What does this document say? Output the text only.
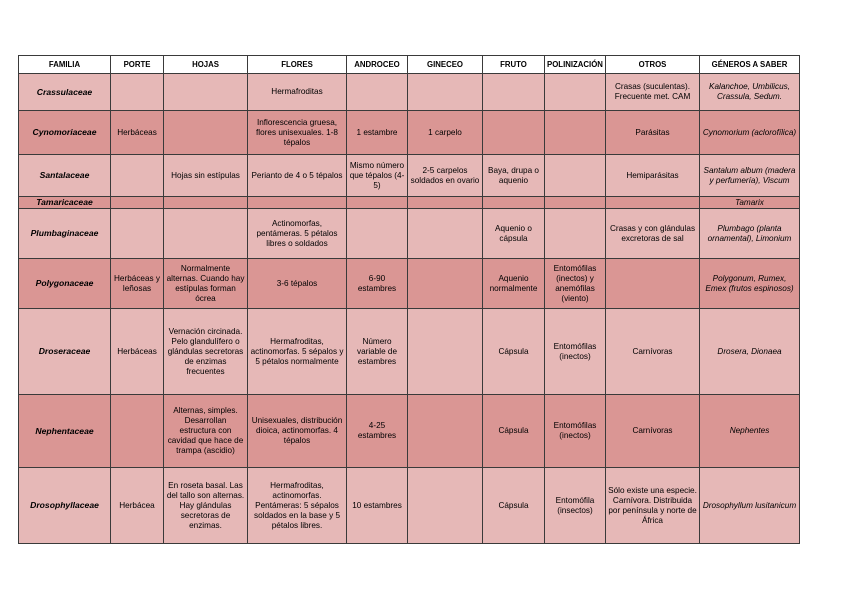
FAMILIA	PORTE	HOJAS	FLORES	ANDROCEO	GINECEO	FRUTO	POLINIZACIÓN	OTROS	GÉNEROS A SABER
Crassulaceae			Hermafroditas					Crasas (suculentas). Frecuente met. CAM	Kalanchoe, Umbilicus, Crassula, Sedum.
Cynomoriaceae	Herbáceas		Inflorescencia gruesa, flores unisexuales. 1-8 tépalos	1 estambre	1 carpelo			Parásitas	Cynomorium (aclorofílica)
Santalaceae		Hojas sin estípulas	Perianto de 4 o 5 tépalos	Mismo número que tépalos (4-5)	2-5 carpelos soldados en ovario	Baya, drupa o aquenio		Hemiparásitas	Santalum album (madera y perfumería), Viscum
Tamaricaceae									Tamarix
Plumbaginaceae			Actinomorfas, pentámeras. 5 pétalos libres o soldados			Aquenio o cápsula		Crasas y con glándulas excretoras de sal	Plumbago (planta ornamental), Limonium
Polygonaceae	Herbáceas y leñosas	Normalmente alternas. Cuando hay estípulas forman ócrea	3-6 tépalos	6-90 estambres		Aquenio normalmente	Entomófilas (inectos) y anemófilas (viento)		Polygonum, Rumex, Emex (frutos espinosos)
Droseraceae	Herbáceas	Vernación circinada. Pelo glandulífero o glándulas secretoras de enzimas frecuentes	Hermafroditas, actinomorfas. 5 sépalos y 5 pétalos normalmente	Número variable de estambres		Cápsula	Entomófilas (inectos)	Carnívoras	Drosera, Dionaea
Nephentaceae		Alternas, simples. Desarrollan estructura con cavidad que hace de trampa (ascidio)	Unisexuales, distribución dioica, actinomorfas. 4 tépalos	4-25 estambres		Cápsula	Entomófilas (inectos)	Carnívoras	Nephentes
Drosophyllaceae	Herbácea	En roseta basal. Las del tallo son alternas. Hay glándulas secretoras de enzimas.	Hermafroditas, actinomorfas. Pentámeras: 5 sépalos soldados en la base y 5 pétalos libres.	10 estambres		Cápsula	Entomófila (insectos)	Sólo existe una especie. Carnívora. Distribuida por península y norte de África	Drosophyllum lusitanicum
